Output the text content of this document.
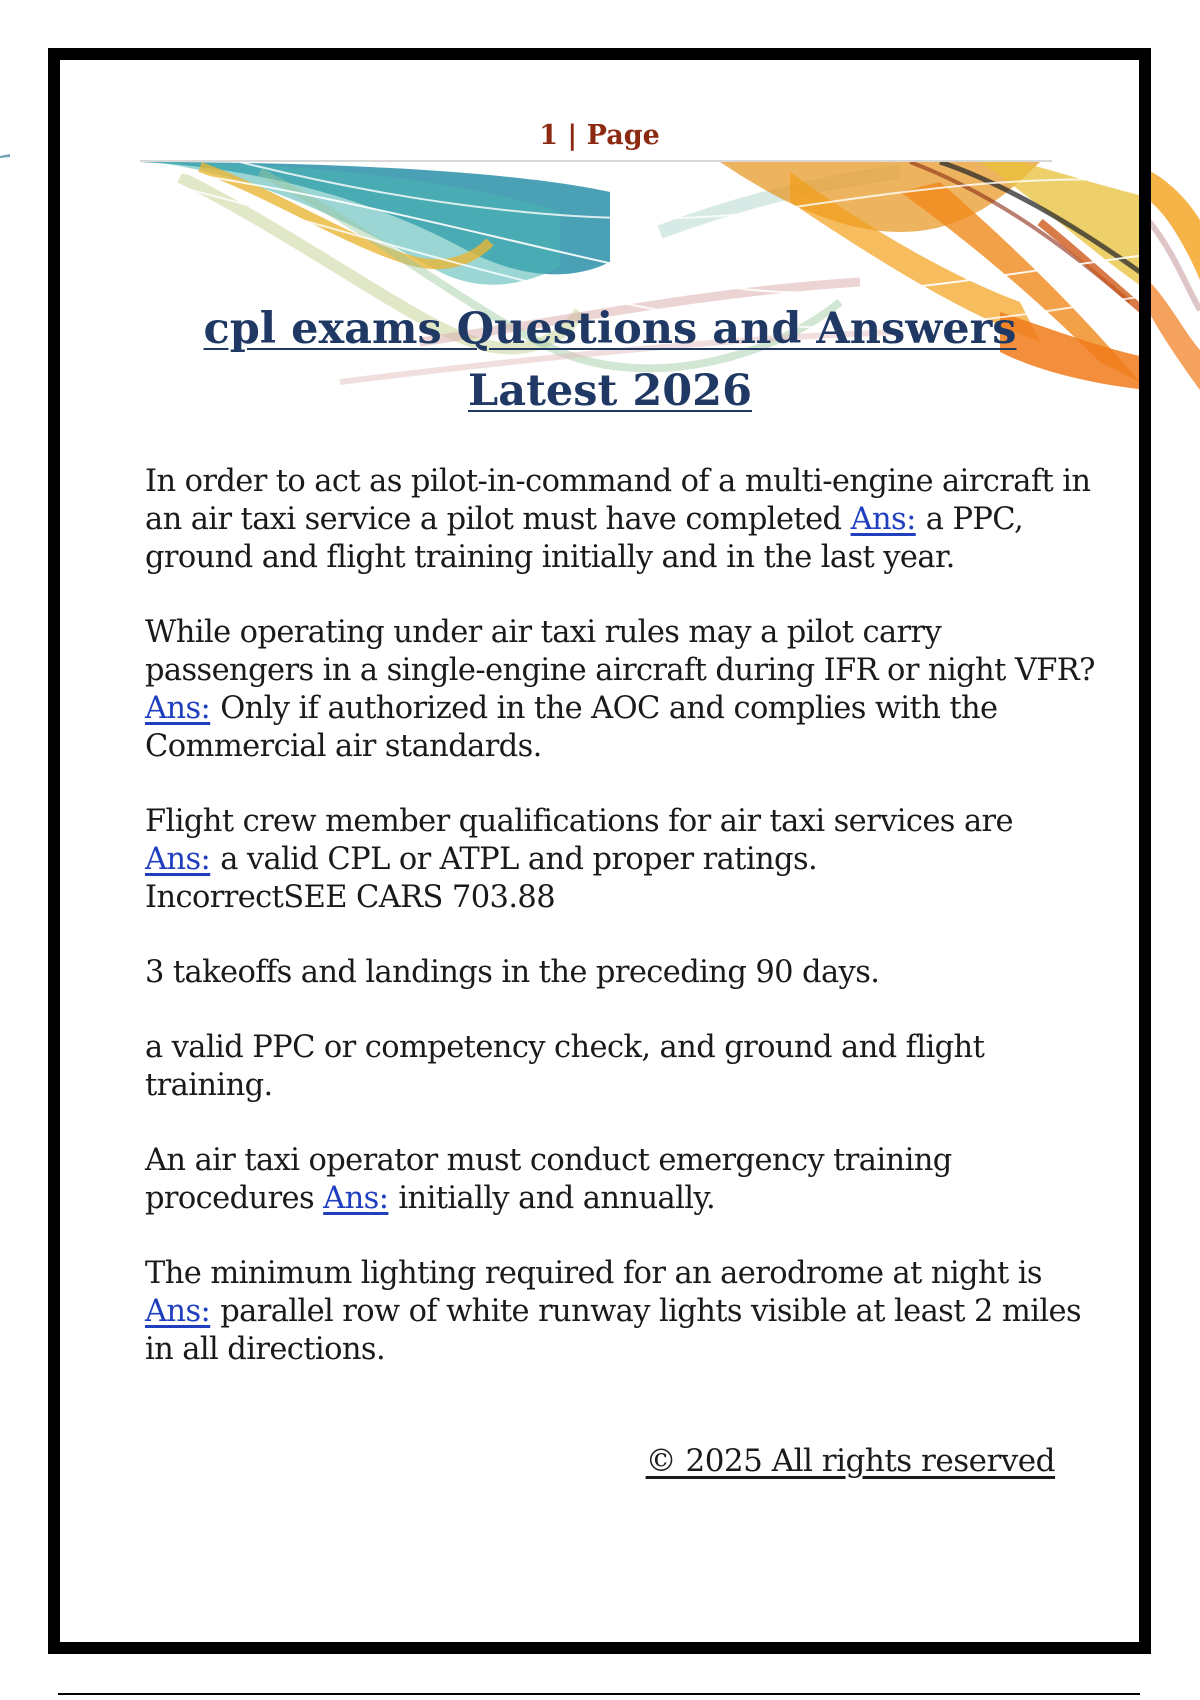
1 | Page
cpl exams Questions and Answers
Latest 2026

In order to act as pilot-in-command of a multi-engine aircraft in an air taxi service a pilot must have completed Ans: a PPC, ground and flight training initially and in the last year.

While operating under air taxi rules may a pilot carry passengers in a single-engine aircraft during IFR or night VFR? Ans: Only if authorized in the AOC and complies with the Commercial air standards.

Flight crew member qualifications for air taxi services are Ans: a valid CPL or ATPL and proper ratings.
IncorrectSEE CARS 703.88

3 takeoffs and landings in the preceding 90 days.

a valid PPC or competency check, and ground and flight training.

An air taxi operator must conduct emergency training procedures Ans: initially and annually.

The minimum lighting required for an aerodrome at night is Ans: parallel row of white runway lights visible at least 2 miles in all directions.

© 2025 All rights reserved
